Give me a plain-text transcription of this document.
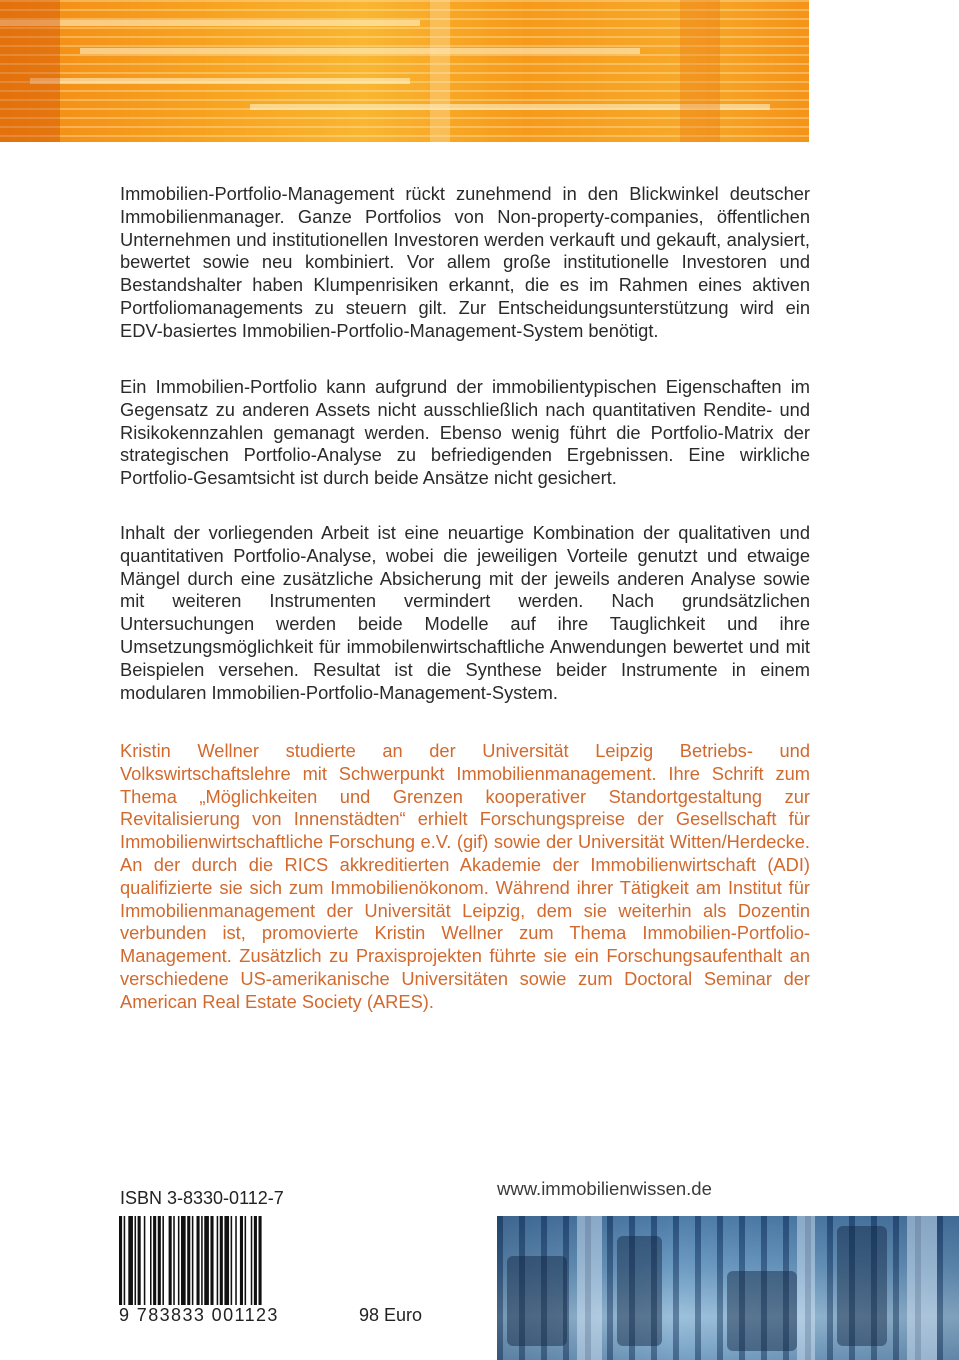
Immobilien-Portfolio-Management rückt zunehmend in den Blickwinkel deutscher Immobilienmanager. Ganze Portfolios von Non-property-companies, öffentlichen Unternehmen und institutionellen Investoren werden verkauft und gekauft, analysiert, bewertet sowie neu kombiniert. Vor allem große institutionelle Investoren und Bestandshalter haben Klumpenrisiken erkannt, die es im Rahmen eines aktiven Portfoliomanagements zu steuern gilt. Zur Entscheidungsunterstützung wird ein EDV-basiertes Immobilien-Portfolio-Management-System benötigt.

Ein Immobilien-Portfolio kann aufgrund der immobilientypischen Eigenschaften im Gegensatz zu anderen Assets nicht ausschließlich nach quantitativen Rendite- und Risikokennzahlen gemanagt werden. Ebenso wenig führt die Portfolio-Matrix der strategischen Portfolio-Analyse zu befriedigenden Ergebnissen. Eine wirkliche Portfolio-Gesamtsicht ist durch beide Ansätze nicht gesichert.

Inhalt der vorliegenden Arbeit ist eine neuartige Kombination der qualitativen und quantitativen Portfolio-Analyse, wobei die jeweiligen Vorteile genutzt und etwaige Mängel durch eine zusätzliche Absicherung mit der jeweils anderen Analyse sowie mit weiteren Instrumenten vermindert werden. Nach grundsätzlichen Untersuchungen werden beide Modelle auf ihre Tauglichkeit und ihre Umsetzungsmöglichkeit für immobilenwirtschaftliche Anwendungen bewertet und mit Beispielen versehen. Resultat ist die Synthese beider Instrumente in einem modularen Immobilien-Portfolio-Management-System.

Kristin Wellner studierte an der Universität Leipzig Betriebs- und Volkswirtschaftslehre mit Schwerpunkt Immobilienmanagement. Ihre Schrift zum Thema „Möglichkeiten und Grenzen kooperativer Standortgestaltung zur Revitalisierung von Innenstädten“ erhielt Forschungspreise der Gesellschaft für Immobilienwirtschaftliche Forschung e.V. (gif) sowie der Universität Witten/Herdecke. An der durch die RICS akkreditierten Akademie der Immobilienwirtschaft (ADI) qualifizierte sie sich zum Immobilienökonom. Während ihrer Tätigkeit am Institut für Immobilienmanagement der Universität Leipzig, dem sie weiterhin als Dozentin verbunden ist, promovierte Kristin Wellner zum Thema Immobilien-Portfolio-Management. Zusätzlich zu Praxisprojekten führte sie ein Forschungsaufenthalt an verschiedene US-amerikanische Universitäten sowie zum Doctoral Seminar der American Real Estate Society (ARES).

ISBN 3-8330-0112-7
9 783833 001123	98 Euro
www.immobilienwissen.de
